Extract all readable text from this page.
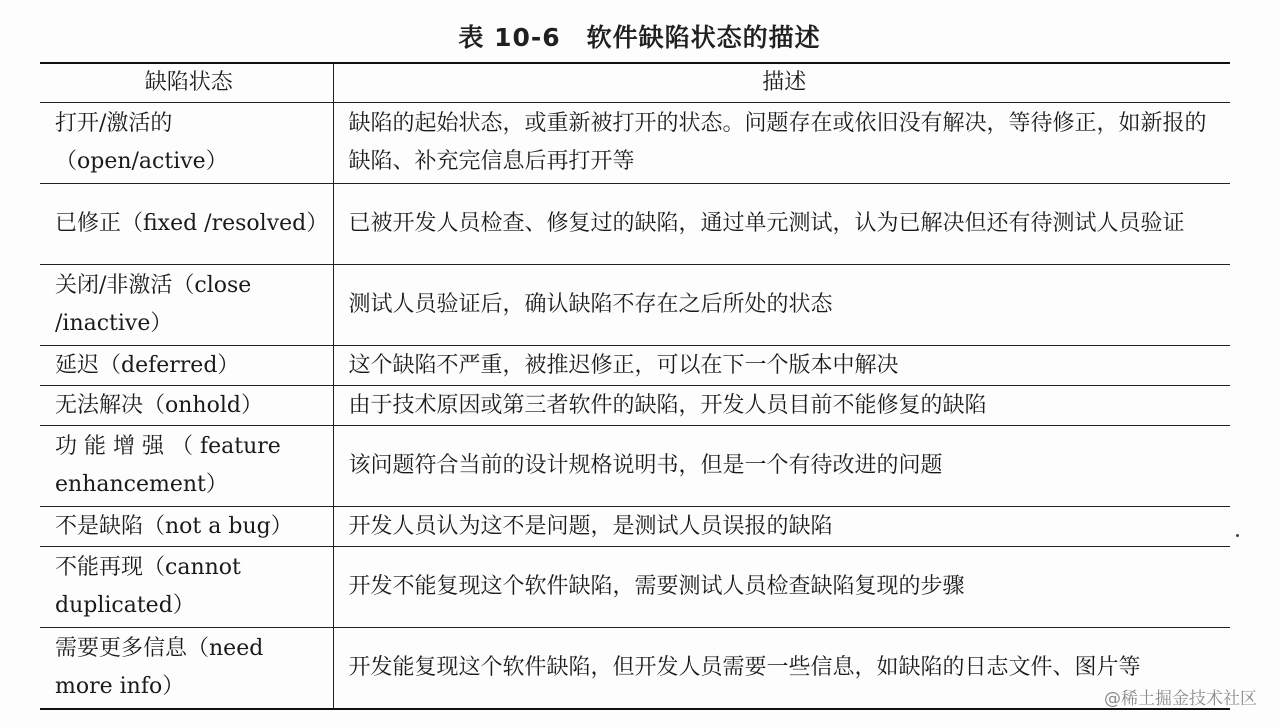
表 10-6　软件缺陷状态的描述
缺陷状态	描述
打开/激活的（open/active）	缺陷的起始状态，或重新被打开的状态。问题存在或依旧没有解决，等待修正，如新报的缺陷、补充完信息后再打开等
已修正（fixed /resolved）	已被开发人员检查、修复过的缺陷，通过单元测试，认为已解决但还有待测试人员验证
关闭/非激活（close /inactive）	测试人员验证后，确认缺陷不存在之后所处的状态
延迟（deferred）	这个缺陷不严重，被推迟修正，可以在下一个版本中解决
无法解决（onhold）	由于技术原因或第三者软件的缺陷，开发人员目前不能修复的缺陷
功 能 增 强 （ feature enhancement）	该问题符合当前的设计规格说明书，但是一个有待改进的问题
不是缺陷（not a bug）	开发人员认为这不是问题，是测试人员误报的缺陷
不能再现（cannot duplicated）	开发不能复现这个软件缺陷，需要测试人员检查缺陷复现的步骤
需要更多信息（need more info）	开发能复现这个软件缺陷，但开发人员需要一些信息，如缺陷的日志文件、图片等
@稀土掘金技术社区
